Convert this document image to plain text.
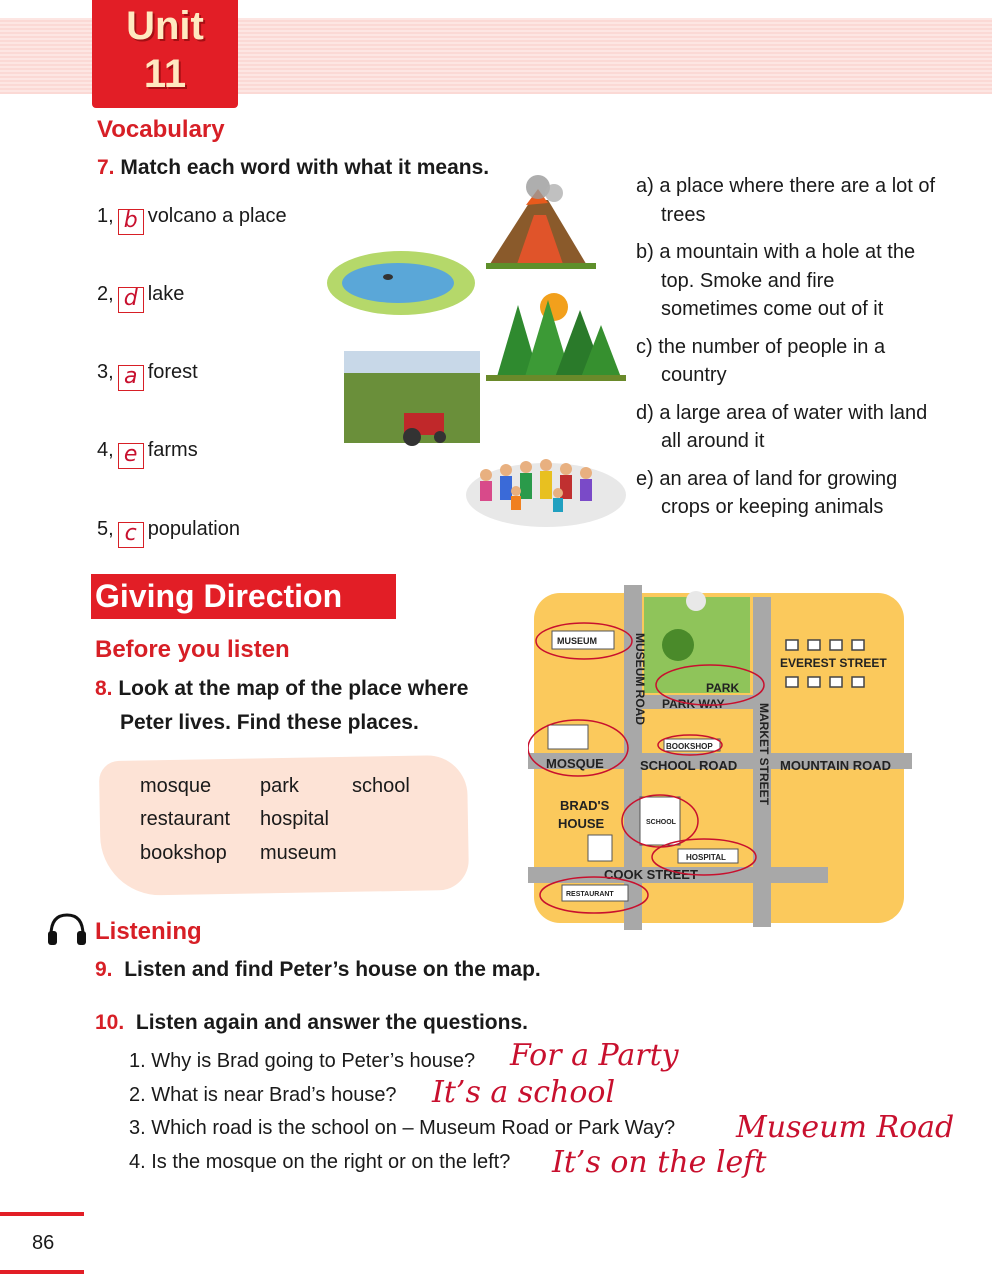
Unit
11

Vocabulary
7. Match each word with what it means.
1, b volcano a place
2, d lake
3, a forest
4, e farms
5, c population
a) a place where there are a lot of trees
b) a mountain with a hole at the top. Smoke and fire sometimes come out of it
c) the number of people in a country
d) a large area of water with land all around it
e) an area of land for growing crops or keeping animals
Giving Direction
Before you listen
8. Look at the map of the place where
Peter lives. Find these places.
mosque park	school
restaurant hospital
bookshop museum
MUSEUM	MUSEUM ROAD	PARK
PARK WAY
EVEREST STREET
MARKET STREET
BOOKSHOP
MOSQUE	SCHOOL ROAD	MOUNTAIN ROAD
BRAD'S
HOUSE	SCHOOL
HOSPITAL
COOK STREET
RESTAURANT
Listening
9. Listen and find Peter’s house on the map.
10. Listen again and answer the questions.
1. Why is Brad going to Peter’s house? For a Party
2. What is near Brad’s house? It’s a school
3. Which road is the school on – Museum Road or Park Way? Museum Road
4. Is the mosque on the right or on the left? It’s on the left
86
